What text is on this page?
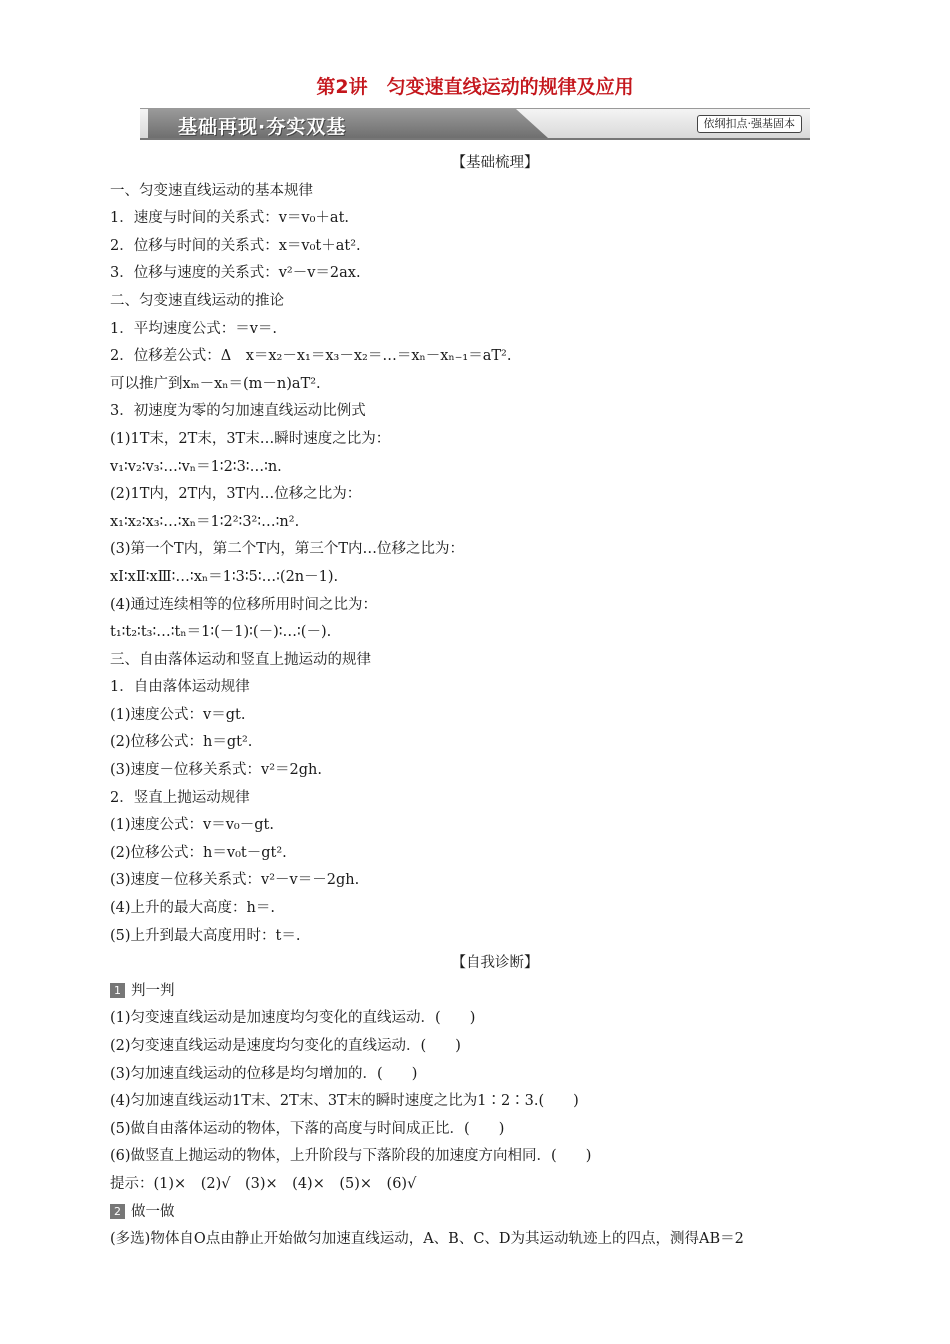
第2讲　匀变速直线运动的规律及应用
基础再现·夯实双基	依纲扣点·强基固本
【基础梳理】
一、匀变速直线运动的基本规律
1．速度与时间的关系式：v＝v₀＋at.
2．位移与时间的关系式：x＝v₀t＋at².
3．位移与速度的关系式：v²－v＝2ax.
二、匀变速直线运动的推论
1．平均速度公式：＝v＝.
2．位移差公式：Δ　x＝x₂－x₁＝x₃－x₂＝…＝xₙ－xₙ₋₁＝aT².
可以推广到xₘ－xₙ＝(m－n)aT².
3．初速度为零的匀加速直线运动比例式
(1)1T末，2T末，3T末…瞬时速度之比为：
v₁∶v₂∶v₃∶…∶vₙ＝1∶2∶3∶…∶n.
(2)1T内，2T内，3T内…位移之比为：
x₁∶x₂∶x₃∶…∶xₙ＝1∶2²∶3²∶…∶n².
(3)第一个T内，第二个T内，第三个T内…位移之比为：
xⅠ∶xⅡ∶xⅢ∶…∶xₙ＝1∶3∶5∶…∶(2n－1).
(4)通过连续相等的位移所用时间之比为：
t₁∶t₂∶t₃∶…∶tₙ＝1∶(－1)∶(－)∶…∶(－).
三、自由落体运动和竖直上抛运动的规律
1．自由落体运动规律
(1)速度公式：v＝gt.
(2)位移公式：h＝gt².
(3)速度－位移关系式：v²＝2gh.
2．竖直上抛运动规律
(1)速度公式：v＝v₀－gt.
(2)位移公式：h＝v₀t－gt².
(3)速度－位移关系式：v²－v＝－2gh.
(4)上升的最大高度：h＝.
(5)上升到最大高度用时：t＝.
【自我诊断】
1 判一判
(1)匀变速直线运动是加速度均匀变化的直线运动．(　　)
(2)匀变速直线运动是速度均匀变化的直线运动．(　　)
(3)匀加速直线运动的位移是均匀增加的．(　　)
(4)匀加速直线运动1T末、2T末、3T末的瞬时速度之比为1∶2∶3.(　　)
(5)做自由落体运动的物体，下落的高度与时间成正比．(　　)
(6)做竖直上抛运动的物体，上升阶段与下落阶段的加速度方向相同．(　　)
提示：(1)×　(2)√　(3)×　(4)×　(5)×　(6)√
2 做一做
(多选)物体自O点由静止开始做匀加速直线运动，A、B、C、D为其运动轨迹上的四点，测得AB＝2
